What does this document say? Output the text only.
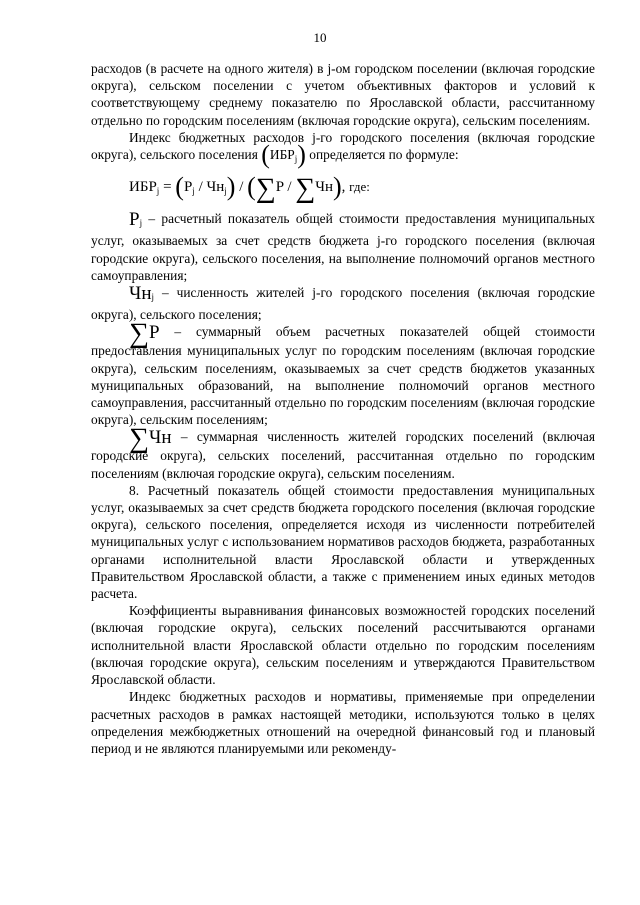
10

расходов (в расчете на одного жителя) в j-ом городском поселении (включая городские округа), сельском поселении с учетом объективных факторов и условий к соответствующему среднему показателю по Ярославской области, рассчитанному отдельно по городским поселениям (включая городские округа), сельским поселениям.

Индекс бюджетных расходов j-го городского поселения (включая городские округа), сельского поселения $(ИБР_j)$ определяется по формуле:

$ИБР_j = (P_j / Чн_j) / (\sum P / \sum Чн)$, где:

$P_j$ – расчетный показатель общей стоимости предоставления муниципальных услуг, оказываемых за счет средств бюджета j-го городского поселения (включая городские округа), сельского поселения, на выполнение полномочий органов местного самоуправления;

$Чн_j$ – численность жителей j-го городского поселения (включая городские округа), сельского поселения;

∑P – суммарный объем расчетных показателей общей стоимости предоставления муниципальных услуг по городским поселениям (включая городские округа), сельским поселениям, оказываемых за счет средств бюджетов указанных муниципальных образований, на выполнение полномочий органов местного самоуправления, рассчитанный отдельно по городским поселениям (включая городские округа), сельским поселениям;

∑Чн – суммарная численность жителей городских поселений (включая городские округа), сельских поселений, рассчитанная отдельно по городским поселениям (включая городские округа), сельским поселениям.

8. Расчетный показатель общей стоимости предоставления муниципальных услуг, оказываемых за счет средств бюджета городского поселения (включая городские округа), сельского поселения, определяется исходя из численности потребителей муниципальных услуг с использованием нормативов расходов бюджета, разработанных органами исполнительной власти Ярославской области и утвержденных Правительством Ярославской области, а также с применением иных единых методов расчета.

Коэффициенты выравнивания финансовых возможностей городских поселений (включая городские округа), сельских поселений рассчитываются органами исполнительной власти Ярославской области отдельно по городским поселениям (включая городские округа), сельским поселениям и утверждаются Правительством Ярославской области.

Индекс бюджетных расходов и нормативы, применяемые при определении расчетных расходов в рамках настоящей методики, используются только в целях определения межбюджетных отношений на очередной финансовый год и плановый период и не являются планируемыми или рекоменду-
